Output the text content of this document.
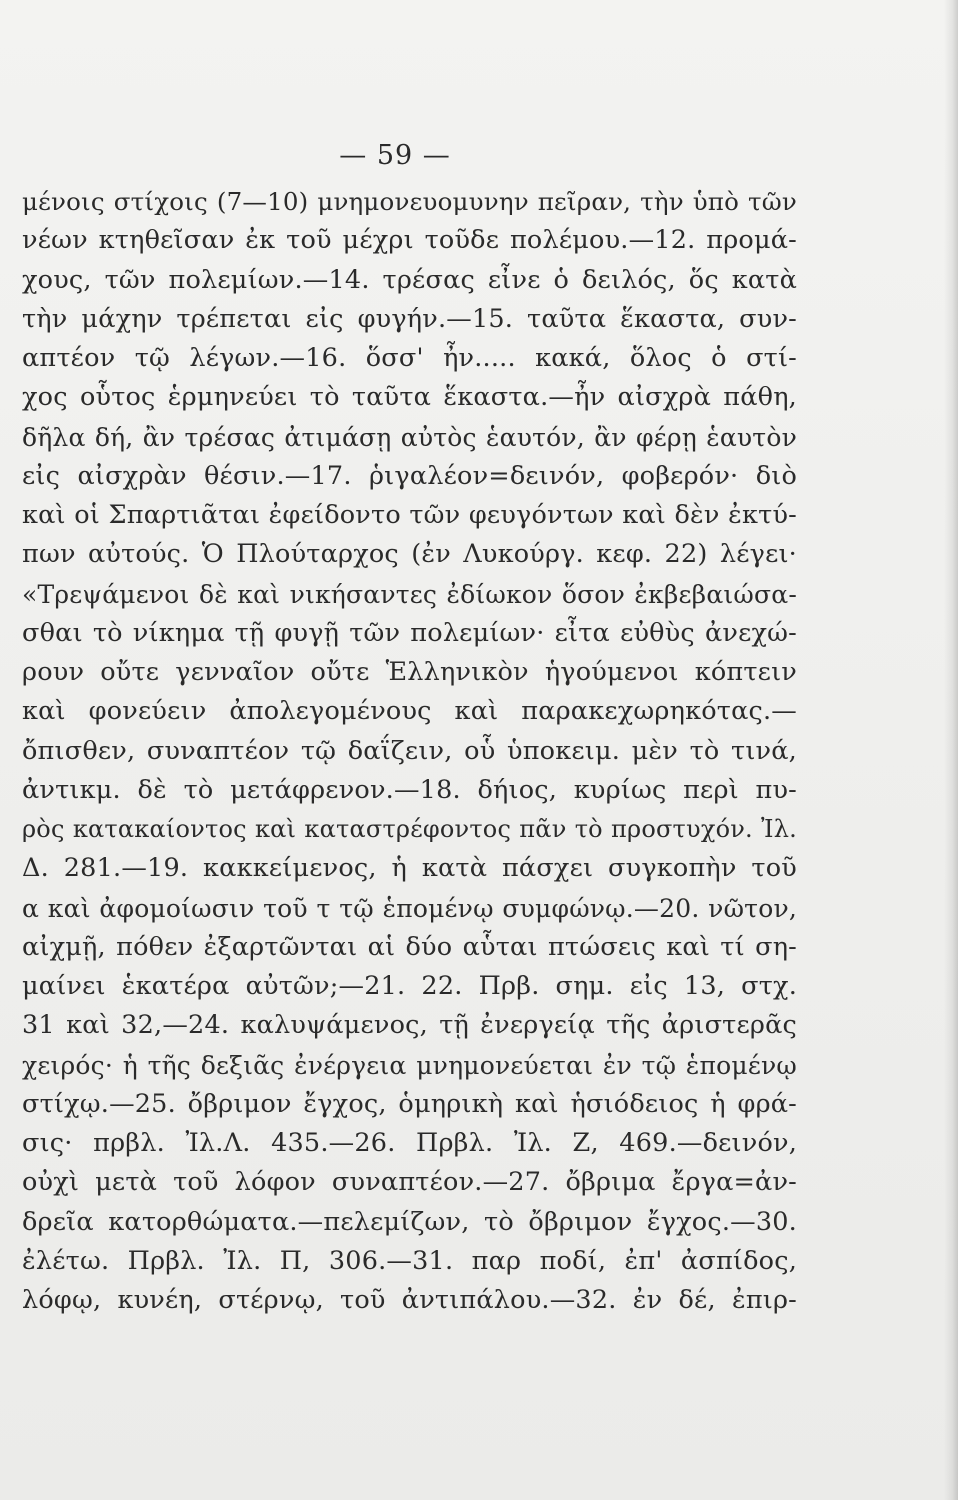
— 59 —
μένοις στίχοις (7—10) μνημονευομυνην πεῖραν, τὴν ὑπὸ τῶν
νέων κτηθεῖσαν ἐκ τοῦ μέχρι τοῦδε πολέμου.—12. προμά-
χους, τῶν πολεμίων.—14. τρέσας εἶνε ὁ δειλός, ὅς κατὰ
τὴν μάχην τρέπεται εἰς φυγήν.—15. ταῦτα ἕκαστα, συν-
απτέον τῷ λέγων.—16. ὅσσ' ἦν..... κακά, ὅλος ὁ στί-
χος οὗτος ἑρμηνεύει τὸ ταῦτα ἕκαστα.—ἦν αἰσχρὰ πάθη,
δῆλα δή, ἂν τρέσας ἀτιμάσῃ αὐτὸς ἑαυτόν, ἂν φέρῃ ἑαυτὸν
εἰς αἰσχρὰν θέσιν.—17. ῥιγαλέον=δεινόν, φοβερόν· διὸ
καὶ οἱ Σπαρτιᾶται ἐφείδοντο τῶν φευγόντων καὶ δὲν ἐκτύ-
πων αὐτούς. Ὁ Πλούταρχος (ἐν Λυκούργ. κεφ. 22) λέγει·
«Τρεψάμενοι δὲ καὶ νικήσαντες ἐδίωκον ὅσον ἐκβεβαιώσα-
σθαι τὸ νίκημα τῇ φυγῇ τῶν πολεμίων· εἶτα εὐθὺς ἀνεχώ-
ρουν οὔτε γενναῖον οὔτε Ἑλληνικὸν ἡγούμενοι κόπτειν
καὶ φονεύειν ἀπολεγομένους καὶ παρακεχωρηκότας.—
ὄπισθεν, συναπτέον τῷ δαΐζειν, οὗ ὑποκειμ. μὲν τὸ τινά,
ἀντικμ. δὲ τὸ μετάφρενον.—18. δήιος, κυρίως περὶ πυ-
ρὸς κατακαίοντος καὶ καταστρέφοντος πᾶν τὸ προστυχόν. Ἰλ.
Δ. 281.—19. κακκείμενος, ἡ κατὰ πάσχει συγκοπὴν τοῦ
α καὶ ἀφομοίωσιν τοῦ τ τῷ ἑπομένῳ συμφώνῳ.—20. νῶτον,
αἰχμῇ, πόθεν ἐξαρτῶνται αἱ δύο αὗται πτώσεις καὶ τί ση-
μαίνει ἑκατέρα αὐτῶν;—21. 22. Πρβ. σημ. εἰς 13, στχ.
31 καὶ 32,—24. καλυψάμενος, τῇ ἐνεργείᾳ τῆς ἀριστερᾶς
χειρός· ἡ τῆς δεξιᾶς ἐνέργεια μνημονεύεται ἐν τῷ ἑπομένῳ
στίχῳ.—25. ὄβριμον ἔγχος, ὁμηρικὴ καὶ ἡσιόδειος ἡ φρά-
σις· πρβλ. Ἰλ.Λ. 435.—26. Πρβλ. Ἰλ. Ζ, 469.—δεινόν,
οὐχὶ μετὰ τοῦ λόφον συναπτέον.—27. ὄβριμα ἔργα=ἀν-
δρεῖα κατορθώματα.—πελεμίζων, τὸ ὄβριμον ἔγχος.—30.
ἐλέτω. Πρβλ. Ἰλ. Π, 306.—31. παρ ποδί, ἐπ' ἀσπίδος,
λόφῳ, κυνέη, στέρνῳ, τοῦ ἀντιπάλου.—32. ἐν δέ, ἐπιρ-
